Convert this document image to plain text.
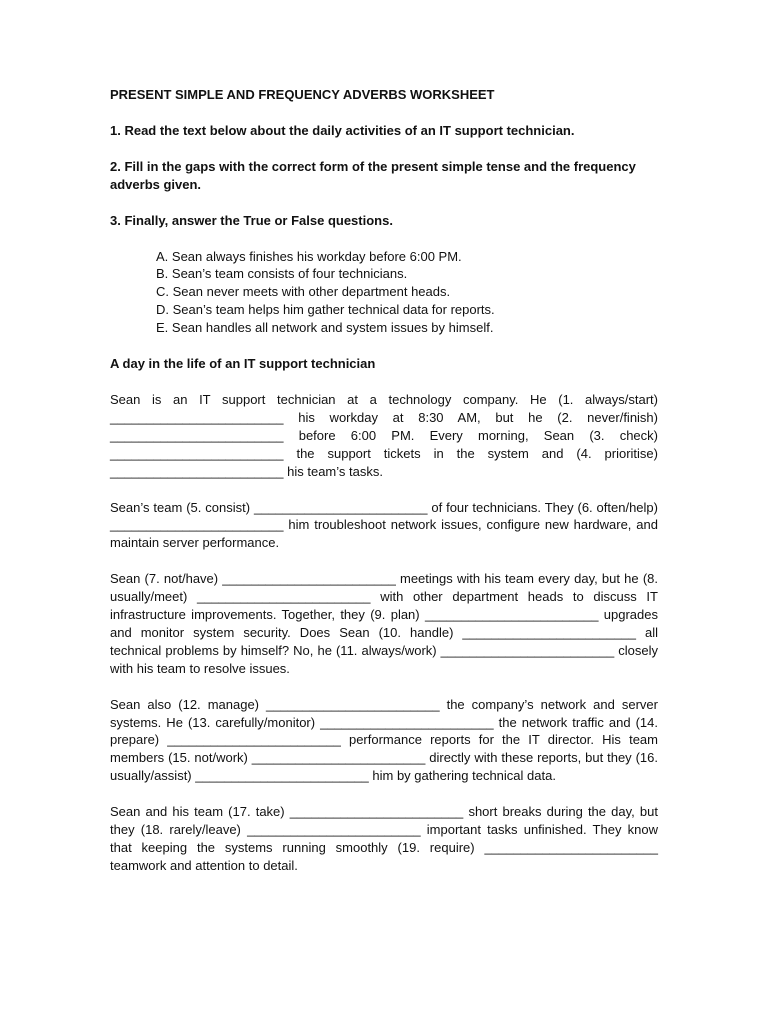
PRESENT SIMPLE AND FREQUENCY ADVERBS WORKSHEET
1. Read the text below about the daily activities of an IT support technician.
2. Fill in the gaps with the correct form of the present simple tense and the frequency adverbs given.
3. Finally, answer the True or False questions.
A. Sean always finishes his workday before 6:00 PM.
B. Sean’s team consists of four technicians.
C. Sean never meets with other department heads.
D. Sean’s team helps him gather technical data for reports.
E. Sean handles all network and system issues by himself.
A day in the life of an IT support technician

Sean is an IT support technician at a technology company. He (1. always/start) ________________________ his workday at 8:30 AM, but he (2. never/finish) ________________________ before 6:00 PM. Every morning, Sean (3. check) ________________________ the support tickets in the system and (4. prioritise) ________________________ his team’s tasks.

Sean’s team (5. consist) ________________________ of four technicians. They (6. often/help) ________________________ him troubleshoot network issues, configure new hardware, and maintain server performance.

Sean (7. not/have) ________________________ meetings with his team every day, but he (8. usually/meet) ________________________ with other department heads to discuss IT infrastructure improvements. Together, they (9. plan) ________________________ upgrades and monitor system security. Does Sean (10. handle) ________________________ all technical problems by himself? No, he (11. always/work) ________________________ closely with his team to resolve issues.

Sean also (12. manage) ________________________ the company’s network and server systems. He (13. carefully/monitor) ________________________ the network traffic and (14. prepare) ________________________ performance reports for the IT director. His team members (15. not/work) ________________________ directly with these reports, but they (16. usually/assist) ________________________ him by gathering technical data.

Sean and his team (17. take) ________________________ short breaks during the day, but they (18. rarely/leave) ________________________ important tasks unfinished. They know that keeping the systems running smoothly (19. require) ________________________ teamwork and attention to detail.
